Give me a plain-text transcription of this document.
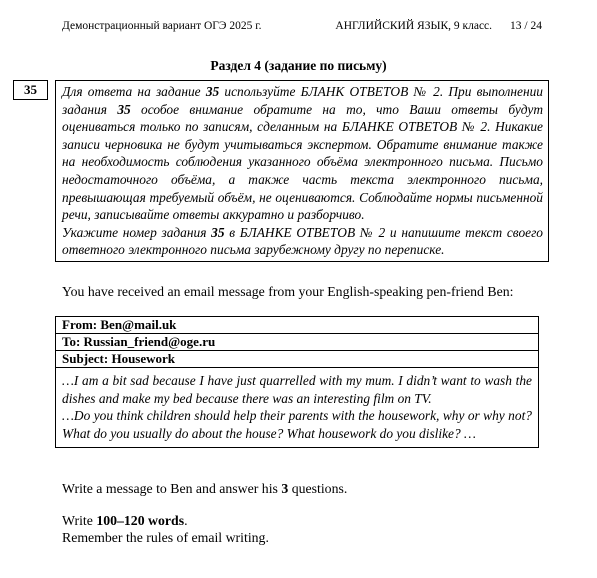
Демонстрационный вариант ОГЭ 2025 г.	АНГЛИЙСКИЙ ЯЗЫК, 9 класс. 13 / 24
Раздел 4 (задание по письму)
35	Для ответа на задание 35 используйте БЛАНК ОТВЕТОВ № 2. При выполнении задания 35 особое внимание обратите на то, что Ваши ответы будут оцениваться только по записям, сделанным на БЛАНКЕ ОТВЕТОВ № 2. Никакие записи черновика не будут учитываться экспертом. Обратите внимание также на необходимость соблюдения указанного объёма электронного письма. Письмо недостаточного объёма, а также часть текста электронного письма, превышающая требуемый объём, не оцениваются. Соблюдайте нормы письменной речи, записывайте ответы аккуратно и разборчиво.

Укажите номер задания 35 в БЛАНКЕ ОТВЕТОВ № 2 и напишите текст своего ответного электронного письма зарубежному другу по переписке.

You have received an email message from your English-speaking pen-friend Ben:
From: Ben@mail.uk
To: Russian_friend@oge.ru
Subject: Housework

…I am a bit sad because I have just quarrelled with my mum. I didn’t want to wash the dishes and make my bed because there was an interesting film on TV.

…Do you think children should help their parents with the housework, why or why not? What do you usually do about the house? What housework do you dislike? …

Write a message to Ben and answer his 3 questions.
Write 100–120 words.
Remember the rules of email writing.
